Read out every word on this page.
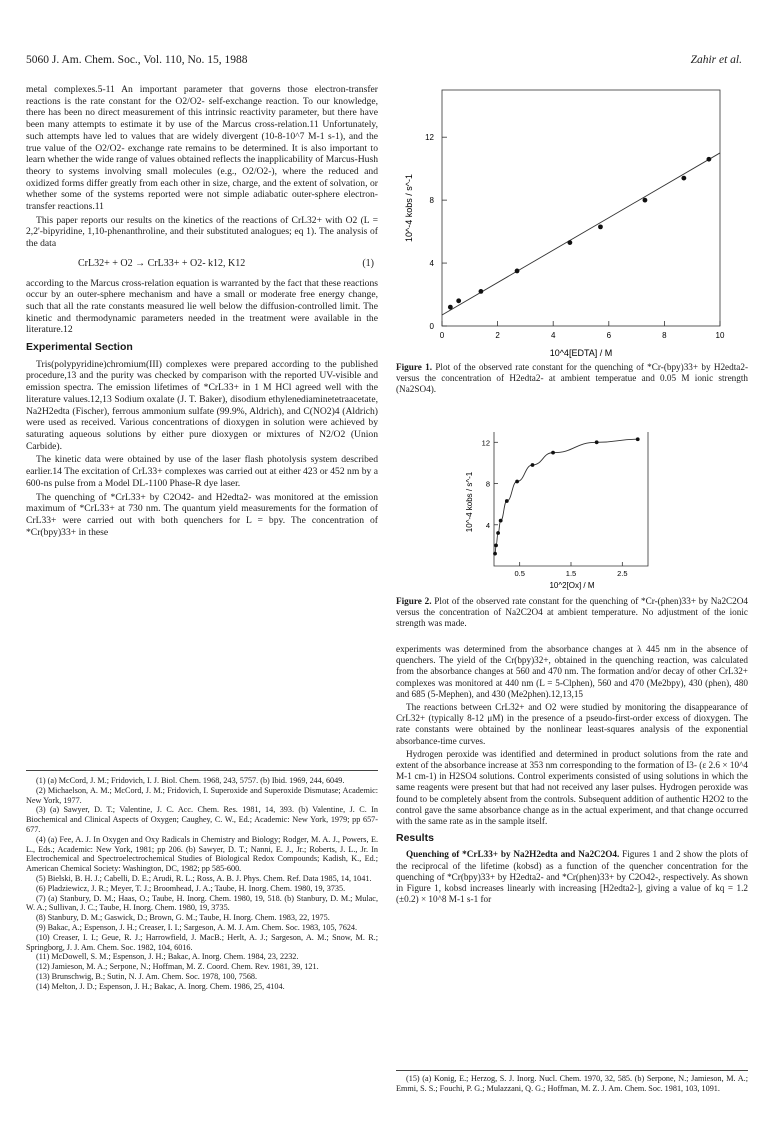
5060 J. Am. Chem. Soc., Vol. 110, No. 15, 1988	Zahir et al.

metal complexes.5-11 An important parameter that governs those electron-transfer reactions is the rate constant for the O2/O2- self-exchange reaction. To our knowledge, there has been no direct measurement of this intrinsic reactivity parameter, but there have been many attempts to estimate it by use of the Marcus cross-relation.11 Unfortunately, such attempts have led to values that are widely divergent (10-8-10^7 M-1 s-1), and the true value of the O2/O2- exchange rate remains to be determined. It is also important to learn whether the wide range of values obtained reflects the inapplicability of Marcus-Hush theory to systems involving small molecules (e.g., O2/O2-), where the reduced and oxidized forms differ greatly from each other in size, charge, and the extent of solvation, or whether some of the systems reported were not simple adiabatic outer-sphere electron-transfer reactions.11

This paper reports our results on the kinetics of the reactions of CrL32+ with O2 (L = 2,2'-bipyridine, 1,10-phenanthroline, and their substituted analogues; eq 1). The analysis of the data

CrL32+ + O2 → CrL33+ + O2- k12, K12	(1)

according to the Marcus cross-relation equation is warranted by the fact that these reactions occur by an outer-sphere mechanism and have a small or moderate free energy change, such that all the rate constants measured lie well below the diffusion-controlled limit. The kinetic and thermodynamic parameters needed in the treatment were available in the literature.12

Experimental Section

Tris(polypyridine)chromium(III) complexes were prepared according to the published procedure,13 and the purity was checked by comparison with the reported UV-visible and emission spectra. The emission lifetimes of *CrL33+ in 1 M HCl agreed well with the literature values.12,13 Sodium oxalate (J. T. Baker), disodium ethylenediaminetetraacetate, Na2H2edta (Fischer), ferrous ammonium sulfate (99.9%, Aldrich), and C(NO2)4 (Aldrich) were used as received. Various concentrations of dioxygen in solution were achieved by saturating aqueous solutions by either pure dioxygen or mixtures of N2/O2 (Union Carbide).

The kinetic data were obtained by use of the laser flash photolysis system described earlier.14 The excitation of CrL33+ complexes was carried out at either 423 or 452 nm by a 600-ns pulse from a Model DL-1100 Phase-R dye laser.

The quenching of *CrL33+ by C2O42- and H2edta2- was monitored at the emission maximum of *CrL33+ at 730 nm. The quantum yield measurements for the formation of CrL33+ were carried out with both quenchers for L = bpy. The concentration of *Cr(bpy)33+ in these

(1) (a) McCord, J. M.; Fridovich, I. J. Biol. Chem. 1968, 243, 5757. (b) Ibid. 1969, 244, 6049.

(2) Michaelson, A. M.; McCord, J. M.; Fridovich, I. Superoxide and Superoxide Dismutase; Academic: New York, 1977.

(3) (a) Sawyer, D. T.; Valentine, J. C. Acc. Chem. Res. 1981, 14, 393. (b) Valentine, J. C. In Biochemical and Clinical Aspects of Oxygen; Caughey, C. W., Ed.; Academic: New York, 1979; pp 657-677.

(4) (a) Fee, A. J. In Oxygen and Oxy Radicals in Chemistry and Biology; Rodger, M. A. J., Powers, E. L., Eds.; Academic: New York, 1981; pp 206. (b) Sawyer, D. T.; Nanni, E. J., Jr.; Roberts, J. L., Jr. In Electrochemical and Spectroelectrochemical Studies of Biological Redox Compounds; Kadish, K., Ed.; American Chemical Society: Washington, DC, 1982; pp 585-600.

(5) Bielski, B. H. J.; Cabelli, D. E.; Arudi, R. L.; Ross, A. B. J. Phys. Chem. Ref. Data 1985, 14, 1041.

(6) Pladziewicz, J. R.; Meyer, T. J.; Broomhead, J. A.; Taube, H. Inorg. Chem. 1980, 19, 3735.

(7) (a) Stanbury, D. M.; Haas, O.; Taube, H. Inorg. Chem. 1980, 19, 518. (b) Stanbury, D. M.; Mulac, W. A.; Sullivan, J. C.; Taube, H. Inorg. Chem. 1980, 19, 3735.

(8) Stanbury, D. M.; Gaswick, D.; Brown, G. M.; Taube, H. Inorg. Chem. 1983, 22, 1975.

(9) Bakac, A.; Espenson, J. H.; Creaser, I. I.; Sargeson, A. M. J. Am. Chem. Soc. 1983, 105, 7624.

(10) Creaser, I. I.; Geue, R. J.; Harrowfield, J. MacB.; Herlt, A. J.; Sargeson, A. M.; Snow, M. R.; Springborg, J. J. Am. Chem. Soc. 1982, 104, 6016.

(11) McDowell, S. M.; Espenson, J. H.; Bakac, A. Inorg. Chem. 1984, 23, 2232.

(12) Jamieson, M. A.; Serpone, N.; Hoffman, M. Z. Coord. Chem. Rev. 1981, 39, 121.

(13) Brunschwig, B.; Sutin, N. J. Am. Chem. Soc. 1978, 100, 7568.

(14) Melton, J. D.; Espenson, J. H.; Bakac, A. Inorg. Chem. 1986, 25, 4104.

0	2	4	6	8	10
0
4
8
12
10^-4 kobs / s^-1
10^4[EDTA] / M
Figure 1. Plot of the observed rate constant for the quenching of *Cr-(bpy)33+ by H2edta2- versus the concentration of H2edta2- at ambient temperatue and 0.05 M ionic strength (Na2SO4).
0.5	1.5	2.5
4
8
12
10^-4 kobs / s^-1
10^2[Ox] / M
Figure 2. Plot of the observed rate constant for the quenching of *Cr-(phen)33+ by Na2C2O4 versus the concentration of Na2C2O4 at ambient temperature. No adjustment of the ionic strength was made.

experiments was determined from the absorbance changes at λ 445 nm in the absence of quenchers. The yield of the Cr(bpy)32+, obtained in the quenching reaction, was calculated from the absorbance changes at 560 and 470 nm. The formation and/or decay of other CrL32+ complexes was monitored at 440 nm (L = 5-Clphen), 560 and 470 (Me2bpy), 430 (phen), 480 and 685 (5-Mephen), and 430 (Me2phen).12,13,15

The reactions between CrL32+ and O2 were studied by monitoring the disappearance of CrL32+ (typically 8-12 μM) in the presence of a pseudo-first-order excess of dioxygen. The rate constants were obtained by the nonlinear least-squares analysis of the exponential absorbance-time curves.

Hydrogen peroxide was identified and determined in product solutions from the rate and extent of the absorbance increase at 353 nm corresponding to the formation of I3- (ε 2.6 × 10^4 M-1 cm-1) in H2SO4 solutions. Control experiments consisted of using solutions in which the same reagents were present but that had not received any laser pulses. Hydrogen peroxide was found to be completely absent from the controls. Subsequent addition of authentic H2O2 to the control gave the same absorbance change as in the actual experiment, and that change occurred with the same rate as in the sample itself.

Results

Quenching of *CrL33+ by Na2H2edta and Na2C2O4. Figures 1 and 2 show the plots of the reciprocal of the lifetime (kobsd) as a function of the quencher concentration for the quenching of *Cr(bpy)33+ by H2edta2- and *Cr(phen)33+ by C2O42-, respectively. As shown in Figure 1, kobsd increases linearly with increasing [H2edta2-], giving a value of kq = 1.2 (±0.2) × 10^8 M-1 s-1 for

(15) (a) Konig, E.; Herzog, S. J. Inorg. Nucl. Chem. 1970, 32, 585. (b) Serpone, N.; Jamieson, M. A.; Emmi, S. S.; Fouchi, P. G.; Mulazzani, Q. G.; Hoffman, M. Z. J. Am. Chem. Soc. 1981, 103, 1091.
